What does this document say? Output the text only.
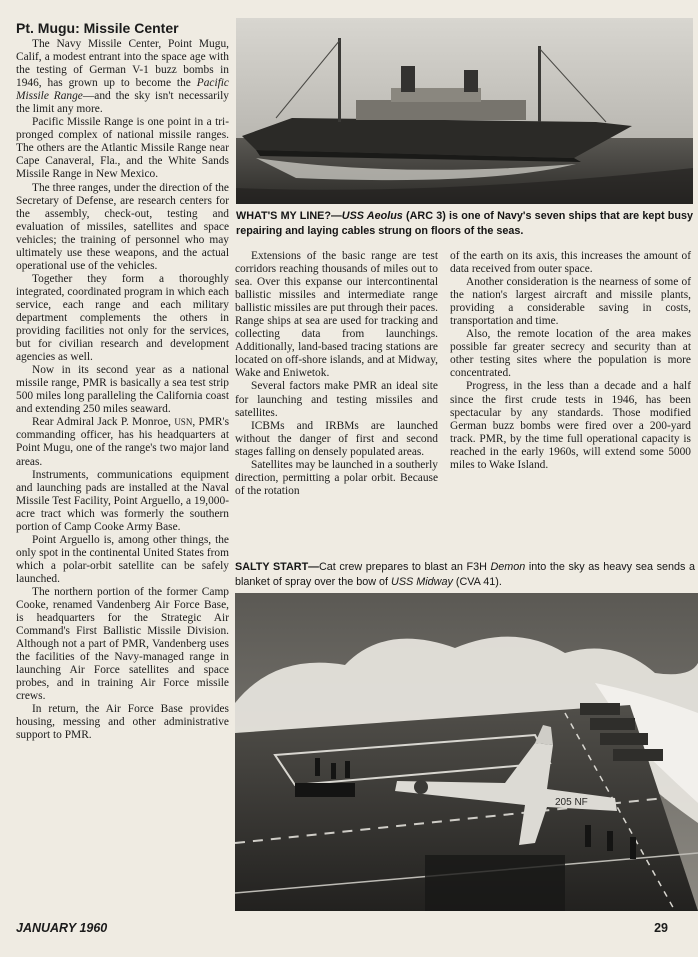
Pt. Mugu: Missile Center

The Navy Missile Center, Point Mugu, Calif, a modest entrant into the space age with the testing of German V-1 buzz bombs in 1946, has grown up to become the Pacific Missile Range—and the sky isn't necessarily the limit any more.

Pacific Missile Range is one point in a tri-pronged complex of national missile ranges. The others are the Atlantic Missile Range near Cape Canaveral, Fla., and the White Sands Missile Range in New Mexico.

The three ranges, under the direction of the Secretary of Defense, are research centers for the assembly, check-out, testing and evaluation of missiles, satellites and space vehicles; the training of personnel who may ultimately use these weapons, and the actual operational use of the vehicles.

Together they form a thoroughly integrated, coordinated program in which each service, each range and each military department complements the others in providing facilities not only for the services, but for civilian research and development agencies as well.

Now in its second year as a national missile range, PMR is basically a sea test strip 500 miles long paralleling the California coast and extending 250 miles seaward.

Rear Admiral Jack P. Monroe, USN, PMR's commanding officer, has his headquarters at Point Mugu, one of the range's two major land areas.

Instruments, communications equipment and launching pads are installed at the Naval Missile Test Facility, Point Arguello, a 19,000-acre tract which was formerly the southern portion of Camp Cooke Army Base.

Point Arguello is, among other things, the only spot in the continental United States from which a polar-orbit satellite can be safely launched.

The northern portion of the former Camp Cooke, renamed Vandenberg Air Force Base, is headquarters for the Strategic Air Command's First Ballistic Missile Division. Although not a part of PMR, Vandenberg uses the facilities of the Navy-managed range in launching Air Force satellites and space probes, and in training Air Force missile crews.

In return, the Air Force Base provides housing, messing and other administrative support to PMR.

WHAT'S MY LINE?—USS Aeolus (ARC 3) is one of Navy's seven ships that are kept busy repairing and laying cables strung on floors of the seas.

Extensions of the basic range are test corridors reaching thousands of miles out to sea. Over this expanse our intercontinental ballistic missiles and intermediate range ballistic missiles are put through their paces. Range ships at sea are used for tracking and collecting data from launchings. Additionally, land-based tracing stations are located on off-shore islands, and at Midway, Wake and Eniwetok.

Several factors make PMR an ideal site for launching and testing missiles and satellites.

ICBMs and IRBMs are launched without the danger of first and second stages falling on densely populated areas.

Satellites may be launched in a southerly direction, permitting a polar orbit. Because of the rotation

of the earth on its axis, this increases the amount of data received from outer space.

Another consideration is the nearness of some of the nation's largest aircraft and missile plants, providing a considerable saving in costs, transportation and time.

Also, the remote location of the area makes possible far greater secrecy and security than at other testing sites where the population is more concentrated.

Progress, in the less than a decade and a half since the first crude tests in 1946, has been spectacular by any standards. Those modified German buzz bombs were fired over a 200-yard track. PMR, by the time full operational capacity is reached in the early 1960s, will extend some 5000 miles to Wake Island.

SALTY START—Cat crew prepares to blast an F3H Demon into the sky as heavy sea sends a blanket of spray over the bow of USS Midway (CVA 41).
205 NF
JANUARY 1960	29
